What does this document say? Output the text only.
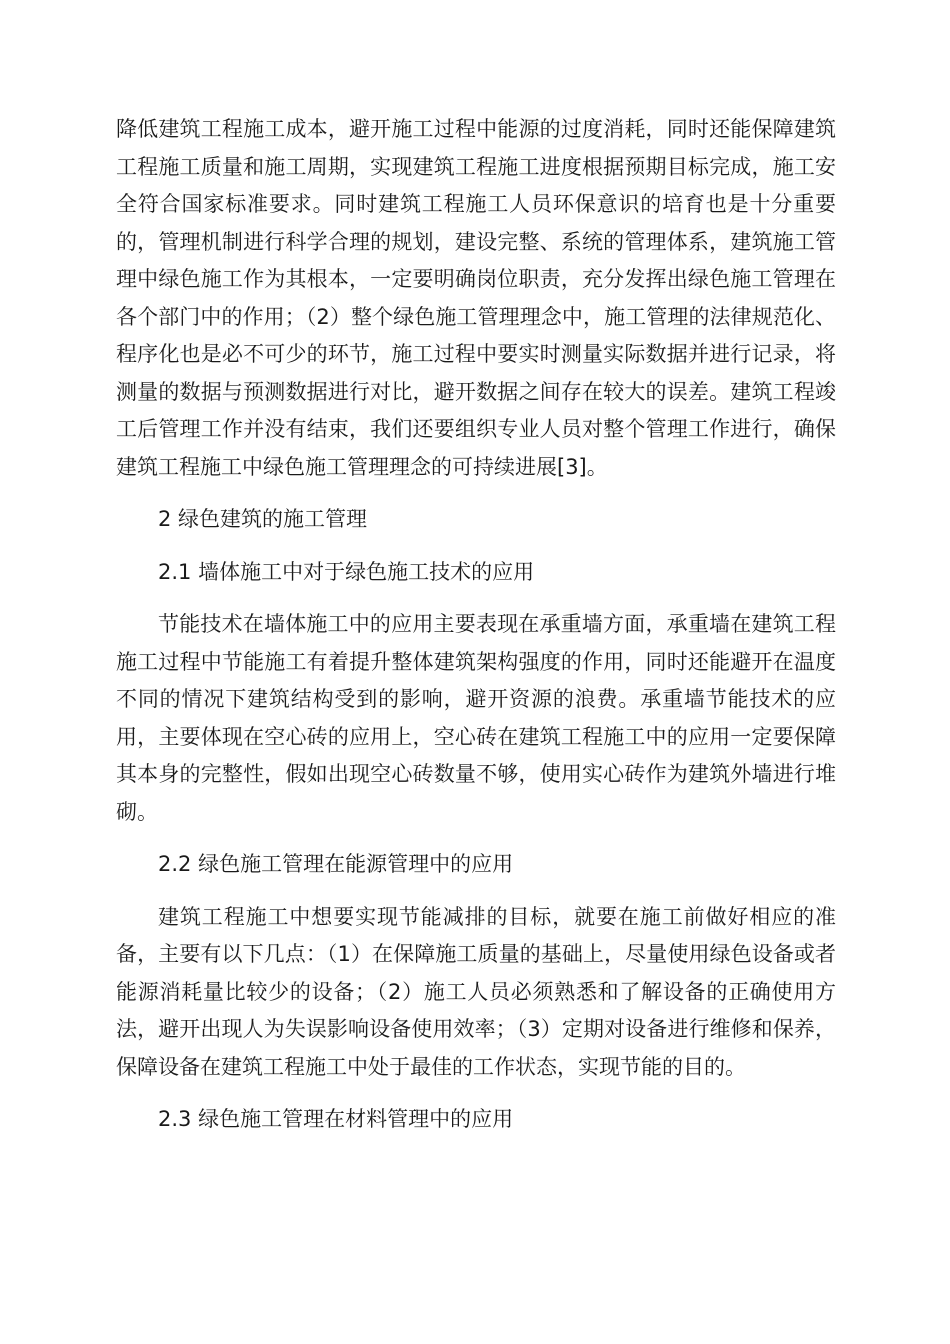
降低建筑工程施工成本，避开施工过程中能源的过度消耗，同时还能保障建筑工程施工质量和施工周期，实现建筑工程施工进度根据预期目标完成，施工安全符合国家标准要求。同时建筑工程施工人员环保意识的培育也是十分重要的，管理机制进行科学合理的规划，建设完整、系统的管理体系，建筑施工管理中绿色施工作为其根本，一定要明确岗位职责，充分发挥出绿色施工管理在各个部门中的作用；（2）整个绿色施工管理理念中，施工管理的法律规范化、程序化也是必不可少的环节，施工过程中要实时测量实际数据并进行记录，将测量的数据与预测数据进行对比，避开数据之间存在较大的误差。建筑工程竣工后管理工作并没有结束，我们还要组织专业人员对整个管理工作进行，确保建筑工程施工中绿色施工管理理念的可持续进展[3]。

2 绿色建筑的施工管理

2.1 墙体施工中对于绿色施工技术的应用

节能技术在墙体施工中的应用主要表现在承重墙方面，承重墙在建筑工程施工过程中节能施工有着提升整体建筑架构强度的作用，同时还能避开在温度不同的情况下建筑结构受到的影响，避开资源的浪费。承重墙节能技术的应用，主要体现在空心砖的应用上，空心砖在建筑工程施工中的应用一定要保障其本身的完整性，假如出现空心砖数量不够，使用实心砖作为建筑外墙进行堆砌。

2.2 绿色施工管理在能源管理中的应用

建筑工程施工中想要实现节能减排的目标，就要在施工前做好相应的准备，主要有以下几点：（1）在保障施工质量的基础上，尽量使用绿色设备或者能源消耗量比较少的设备；（2）施工人员必须熟悉和了解设备的正确使用方法，避开出现人为失误影响设备使用效率；（3）定期对设备进行维修和保养，保障设备在建筑工程施工中处于最佳的工作状态，实现节能的目的。

2.3 绿色施工管理在材料管理中的应用
